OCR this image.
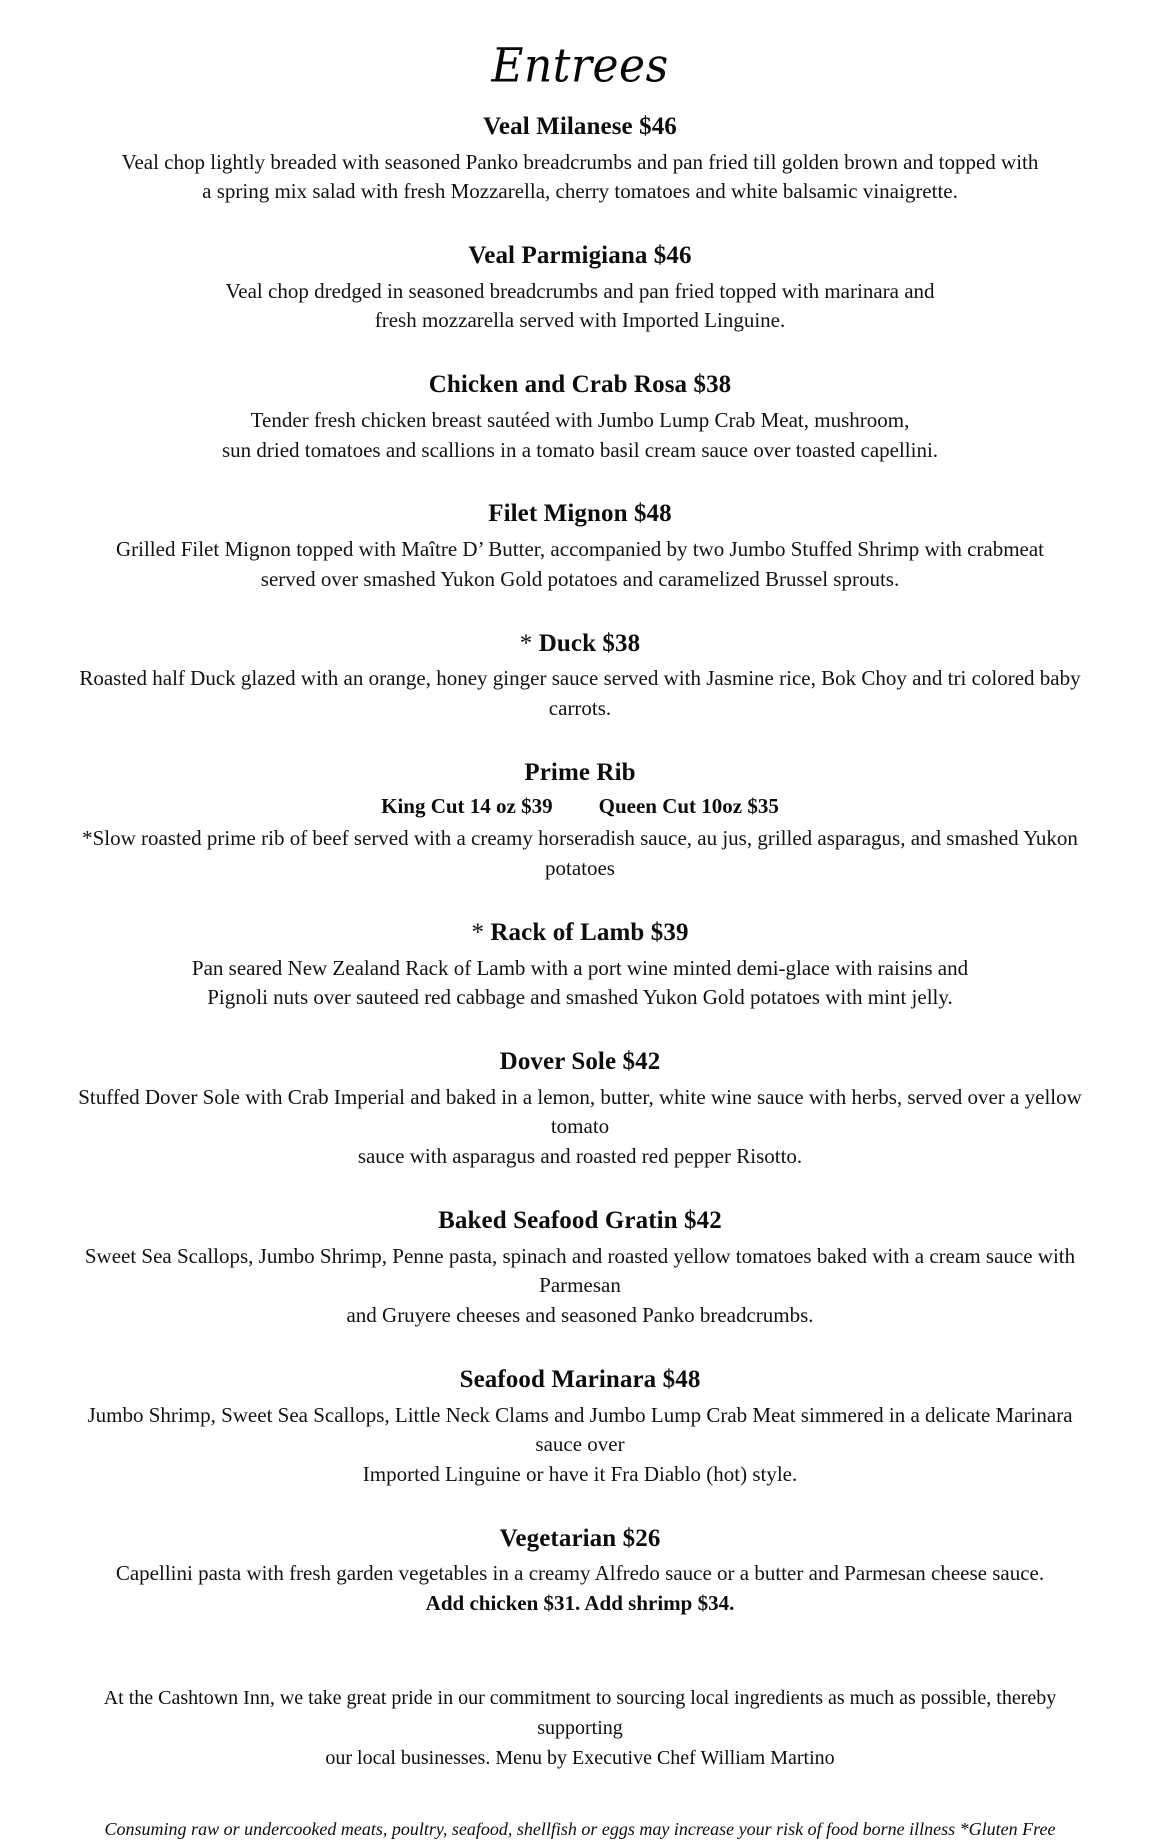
Entrees
Veal Milanese $46
Veal chop lightly breaded with seasoned Panko breadcrumbs and pan fried till golden brown and topped with
a spring mix salad with fresh Mozzarella, cherry tomatoes and white balsamic vinaigrette.
Veal Parmigiana $46
Veal chop dredged in seasoned breadcrumbs and pan fried topped with marinara and
fresh mozzarella served with Imported Linguine.
Chicken and Crab Rosa $38
Tender fresh chicken breast sautéed with Jumbo Lump Crab Meat, mushroom,
sun dried tomatoes and scallions in a tomato basil cream sauce over toasted capellini.
Filet Mignon $48
Grilled Filet Mignon topped with Maître D’ Butter, accompanied by two Jumbo Stuffed Shrimp with crabmeat
served over smashed Yukon Gold potatoes and caramelized Brussel sprouts.
* Duck $38
Roasted half Duck glazed with an orange, honey ginger sauce served with Jasmine rice, Bok Choy and tri colored baby carrots.
Prime Rib
King Cut 14 oz $39 Queen Cut 10oz $35
*Slow roasted prime rib of beef served with a creamy horseradish sauce, au jus, grilled asparagus, and smashed Yukon potatoes
* Rack of Lamb $39
Pan seared New Zealand Rack of Lamb with a port wine minted demi-glace with raisins and
Pignoli nuts over sauteed red cabbage and smashed Yukon Gold potatoes with mint jelly.
Dover Sole $42
Stuffed Dover Sole with Crab Imperial and baked in a lemon, butter, white wine sauce with herbs, served over a yellow tomato
sauce with asparagus and roasted red pepper Risotto.
Baked Seafood Gratin $42
Sweet Sea Scallops, Jumbo Shrimp, Penne pasta, spinach and roasted yellow tomatoes baked with a cream sauce with Parmesan
and Gruyere cheeses and seasoned Panko breadcrumbs.
Seafood Marinara $48
Jumbo Shrimp, Sweet Sea Scallops, Little Neck Clams and Jumbo Lump Crab Meat simmered in a delicate Marinara sauce over
Imported Linguine or have it Fra Diablo (hot) style.
Vegetarian $26
Capellini pasta with fresh garden vegetables in a creamy Alfredo sauce or a butter and Parmesan cheese sauce.
Add chicken $31. Add shrimp $34.

At the Cashtown Inn, we take great pride in our commitment to sourcing local ingredients as much as possible, thereby supporting
our local businesses. Menu by Executive Chef William Martino

Consuming raw or undercooked meats, poultry, seafood, shellfish or eggs may increase your risk of food borne illness *Gluten Free
